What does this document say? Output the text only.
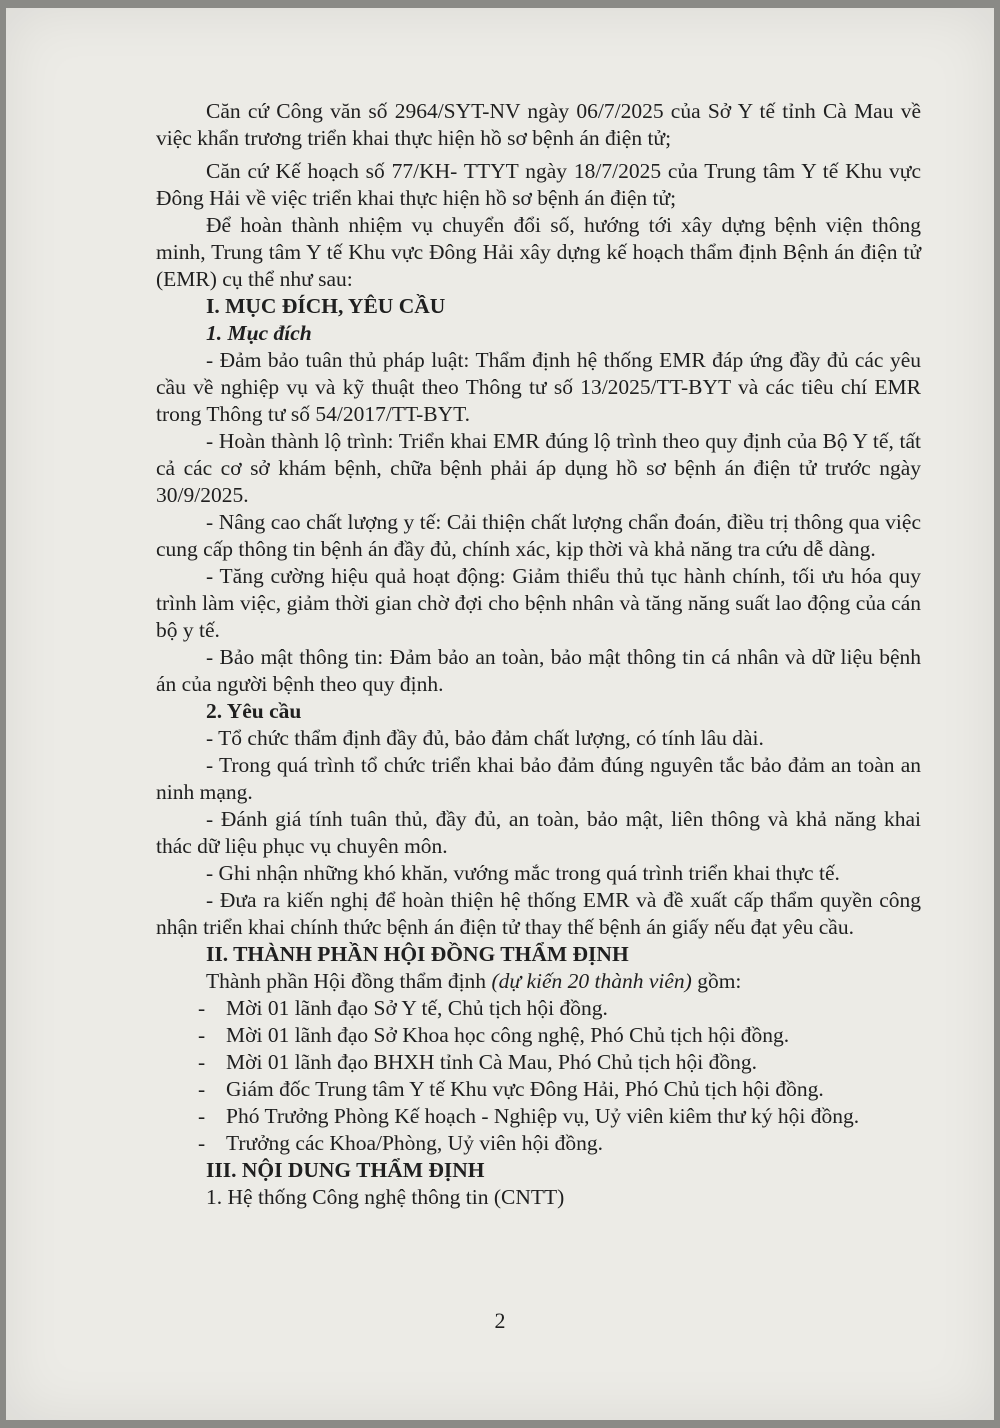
Căn cứ Công văn số 2964/SYT-NV ngày 06/7/2025 của Sở Y tế tỉnh Cà Mau về việc khẩn trương triển khai thực hiện hồ sơ bệnh án điện tử;

Căn cứ Kế hoạch số 77/KH- TTYT ngày 18/7/2025 của Trung tâm Y tế Khu vực Đông Hải về việc triển khai thực hiện hồ sơ bệnh án điện tử;

Để hoàn thành nhiệm vụ chuyển đổi số, hướng tới xây dựng bệnh viện thông minh, Trung tâm Y tế Khu vực Đông Hải xây dựng kế hoạch thẩm định Bệnh án điện tử (EMR) cụ thể như sau:

I. MỤC ĐÍCH, YÊU CẦU

1. Mục đích

- Đảm bảo tuân thủ pháp luật: Thẩm định hệ thống EMR đáp ứng đầy đủ các yêu cầu về nghiệp vụ và kỹ thuật theo Thông tư số 13/2025/TT-BYT và các tiêu chí EMR trong Thông tư số 54/2017/TT-BYT.

- Hoàn thành lộ trình: Triển khai EMR đúng lộ trình theo quy định của Bộ Y tế, tất cả các cơ sở khám bệnh, chữa bệnh phải áp dụng hồ sơ bệnh án điện tử trước ngày 30/9/2025.

- Nâng cao chất lượng y tế: Cải thiện chất lượng chẩn đoán, điều trị thông qua việc cung cấp thông tin bệnh án đầy đủ, chính xác, kịp thời và khả năng tra cứu dễ dàng.

- Tăng cường hiệu quả hoạt động: Giảm thiểu thủ tục hành chính, tối ưu hóa quy trình làm việc, giảm thời gian chờ đợi cho bệnh nhân và tăng năng suất lao động của cán bộ y tế.

- Bảo mật thông tin: Đảm bảo an toàn, bảo mật thông tin cá nhân và dữ liệu bệnh án của người bệnh theo quy định.

2. Yêu cầu

- Tổ chức thẩm định đầy đủ, bảo đảm chất lượng, có tính lâu dài.

- Trong quá trình tổ chức triển khai bảo đảm đúng nguyên tắc bảo đảm an toàn an ninh mạng.

- Đánh giá tính tuân thủ, đầy đủ, an toàn, bảo mật, liên thông và khả năng khai thác dữ liệu phục vụ chuyên môn.

- Ghi nhận những khó khăn, vướng mắc trong quá trình triển khai thực tế.

- Đưa ra kiến nghị để hoàn thiện hệ thống EMR và đề xuất cấp thẩm quyền công nhận triển khai chính thức bệnh án điện tử thay thế bệnh án giấy nếu đạt yêu cầu.

II. THÀNH PHẦN HỘI ĐỒNG THẨM ĐỊNH

Thành phần Hội đồng thẩm định (dự kiến 20 thành viên) gồm:

- Mời 01 lãnh đạo Sở Y tế, Chủ tịch hội đồng.
- Mời 01 lãnh đạo Sở Khoa học công nghệ, Phó Chủ tịch hội đồng.
- Mời 01 lãnh đạo BHXH tỉnh Cà Mau, Phó Chủ tịch hội đồng.
- Giám đốc Trung tâm Y tế Khu vực Đông Hải, Phó Chủ tịch hội đồng.
- Phó Trưởng Phòng Kế hoạch - Nghiệp vụ, Uỷ viên kiêm thư ký hội đồng.
- Trưởng các Khoa/Phòng, Uỷ viên hội đồng.

III. NỘI DUNG THẨM ĐỊNH

1. Hệ thống Công nghệ thông tin (CNTT)

2
